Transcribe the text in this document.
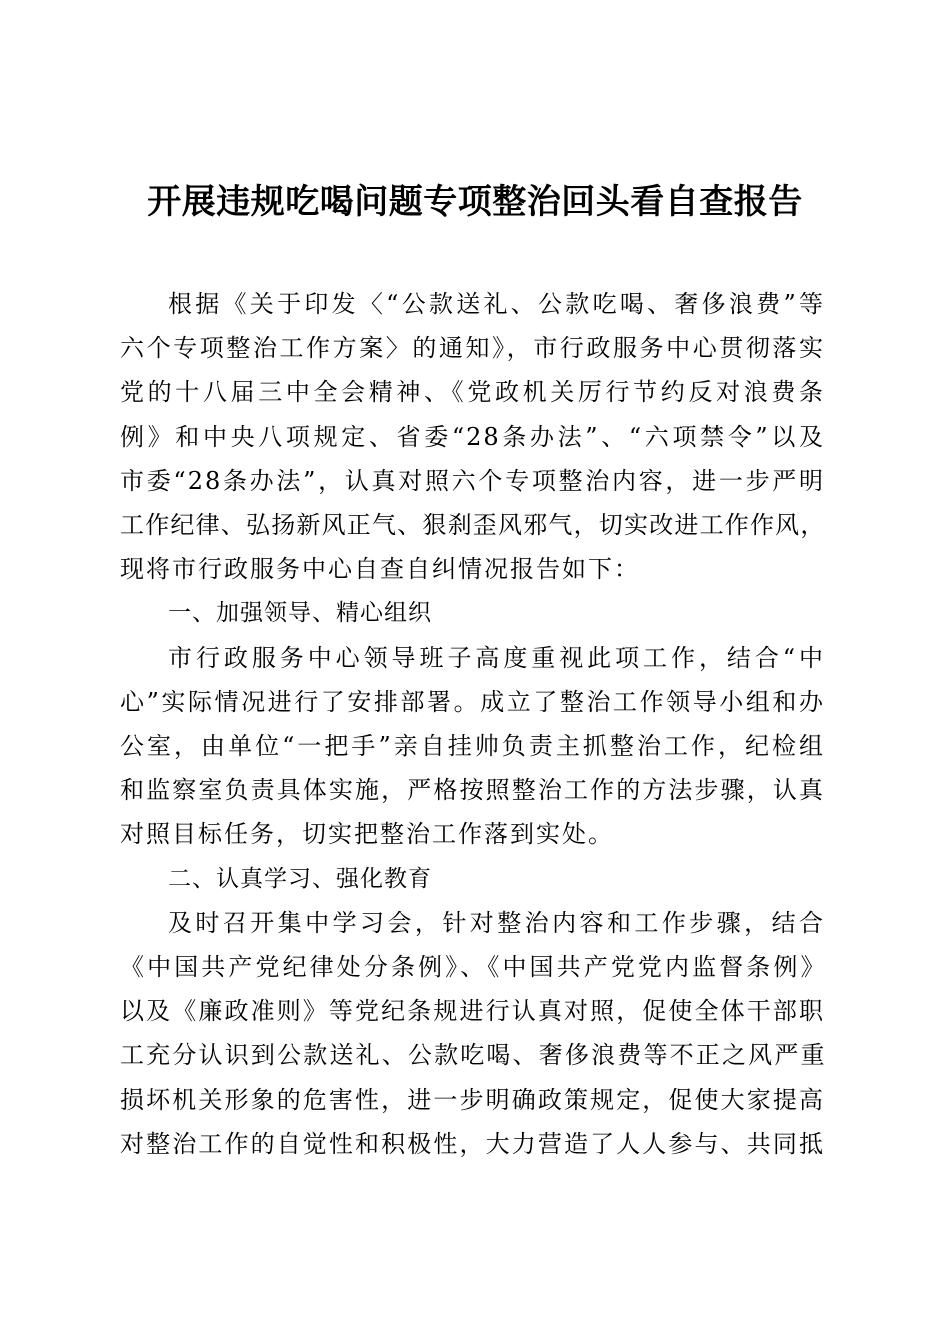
开展违规吃喝问题专项整治回头看自查报告

根据《关于印发〈“公款送礼、公款吃喝、奢侈浪费”等
六个专项整治工作方案〉的通知》，市行政服务中心贯彻落实
党的十八届三中全会精神、《党政机关厉行节约反对浪费条
例》和中央八项规定、省委“28条办法”、“六项禁令”以及
市委“28条办法”，认真对照六个专项整治内容，进一步严明
工作纪律、弘扬新风正气、狠刹歪风邪气，切实改进工作作风，
现将市行政服务中心自查自纠情况报告如下：

一、加强领导、精心组织

市行政服务中心领导班子高度重视此项工作，结合“中
心”实际情况进行了安排部署。成立了整治工作领导小组和办
公室，由单位“一把手”亲自挂帅负责主抓整治工作，纪检组
和监察室负责具体实施，严格按照整治工作的方法步骤，认真
对照目标任务，切实把整治工作落到实处。

二、认真学习、强化教育

及时召开集中学习会，针对整治内容和工作步骤，结合
《中国共产党纪律处分条例》、《中国共产党党内监督条例》
以及《廉政准则》等党纪条规进行认真对照，促使全体干部职
工充分认识到公款送礼、公款吃喝、奢侈浪费等不正之风严重
损坏机关形象的危害性，进一步明确政策规定，促使大家提高
对整治工作的自觉性和积极性，大力营造了人人参与、共同抵
